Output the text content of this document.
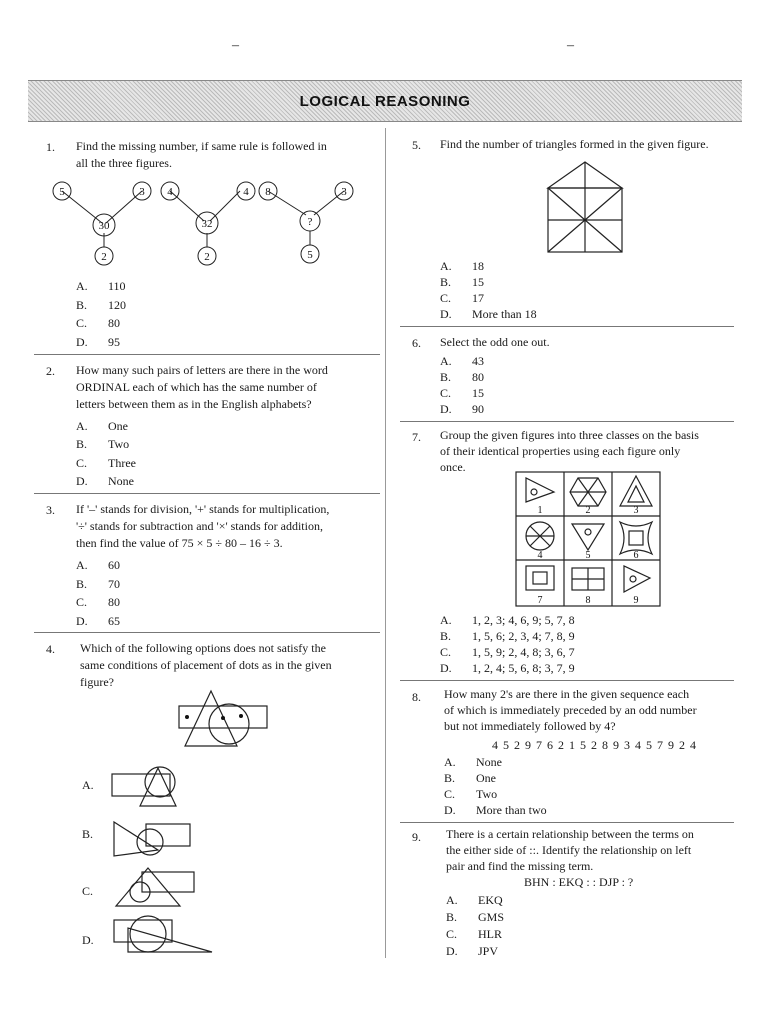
–	–
LOGICAL REASONING
1. Find the missing number, if same rule is followed in
all the three figures.
5	3
30
2
4	4
32
2
8	3
?
5
A. 110
B. 120
C. 80
D. 95
2. How many such pairs of letters are there in the word
ORDINAL each of which has the same number of
letters between them as in the English alphabets?
A. One
B. Two
C. Three
D. None
3. If '–' stands for division, '+' stands for multiplication,
'÷' stands for subtraction and '×' stands for addition,
then find the value of 75 × 5 ÷ 80 – 16 ÷ 3.
A. 60
B. 70
C. 80
D. 65
4. Which of the following options does not satisfy the
same conditions of placement of dots as in the given
figure?
A.
B.
C.
D.
5. Find the number of triangles formed in the given figure.
A. 18
B. 15
C. 17
D. More than 18
6. Select the odd one out.
A. 43
B. 80
C. 15
D. 90
7. Group the given figures into three classes on the basis
of their identical properties using each figure only
once.
1	2	3
4	5	6
7	8	9
A. 1, 2, 3; 4, 6, 9; 5, 7, 8
B. 1, 5, 6; 2, 3, 4; 7, 8, 9
C. 1, 5, 9; 2, 4, 8; 3, 6, 7
D. 1, 2, 4; 5, 6, 8; 3, 7, 9
8. How many 2's are there in the given sequence each
of which is immediately preceded by an odd number
but not immediately followed by 4?
4 5 2 9 7 6 2 1 5 2 8 9 3 4 5 7 9 2 4
A. None
B. One
C. Two
D. More than two
9. There is a certain relationship between the terms on
the either side of ::. Identify the relationship on left
pair and find the missing term.
BHN : EKQ : : DJP : ?
A. EKQ
B. GMS
C. HLR
D. JPV
